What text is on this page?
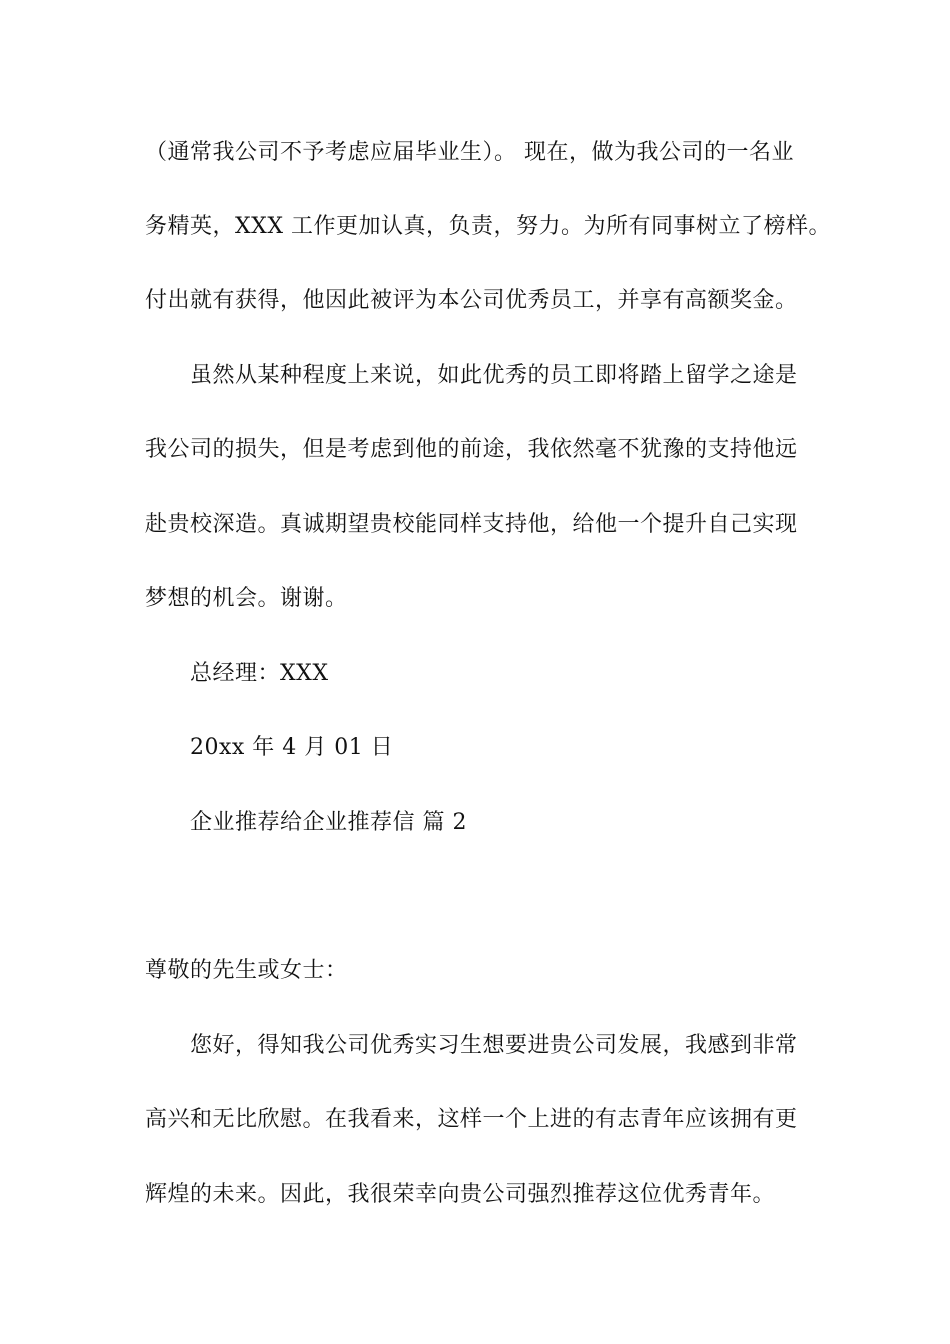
（通常我公司不予考虑应届毕业生）。 现在，做为我公司的一名业
务精英，XXX 工作更加认真，负责，努力。为所有同事树立了榜样。
付出就有获得，他因此被评为本公司优秀员工，并享有高额奖金。
虽然从某种程度上来说，如此优秀的员工即将踏上留学之途是
我公司的损失，但是考虑到他的前途，我依然毫不犹豫的支持他远
赴贵校深造。真诚期望贵校能同样支持他，给他一个提升自己实现
梦想的机会。谢谢。
总经理：XXX
20xx 年 4 月 01 日
企业推荐给企业推荐信 篇 2
尊敬的先生或女士：
您好，得知我公司优秀实习生想要进贵公司发展，我感到非常
高兴和无比欣慰。在我看来，这样一个上进的有志青年应该拥有更
辉煌的未来。因此，我很荣幸向贵公司强烈推荐这位优秀青年。
